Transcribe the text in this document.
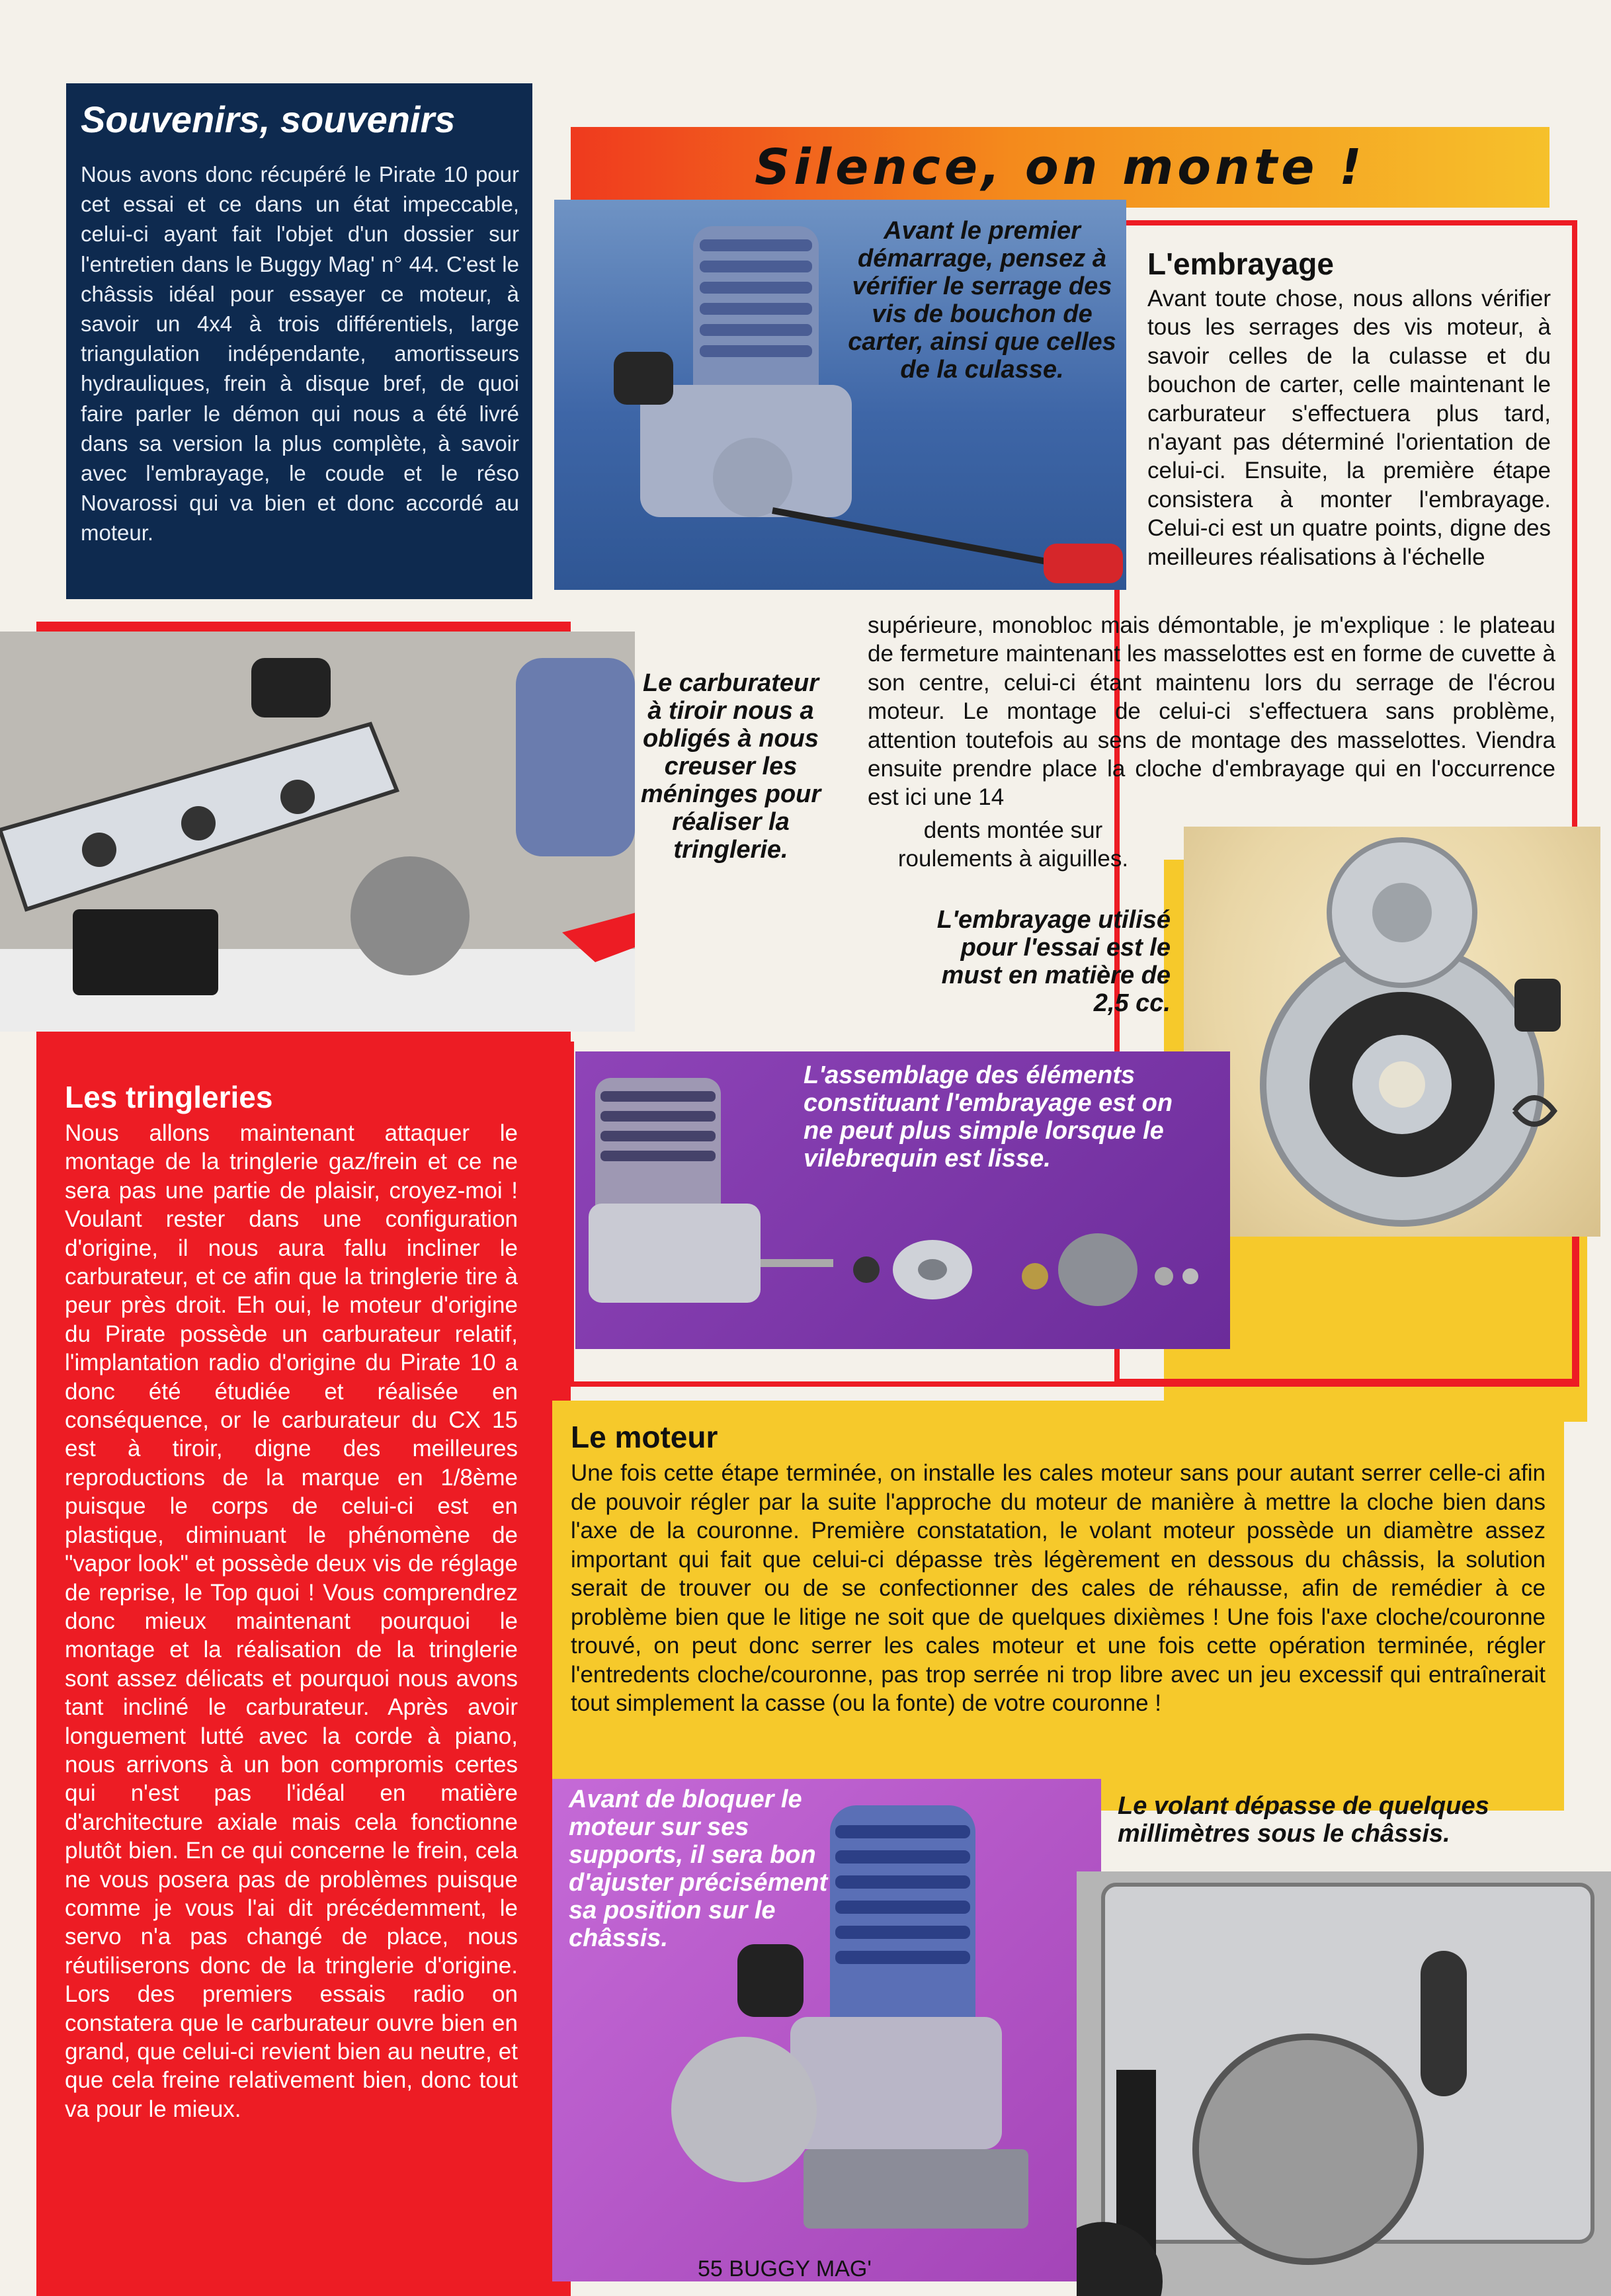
Souvenirs, souvenirs

Nous avons donc récupéré le Pirate 10 pour cet essai et ce dans un état impeccable, celui-ci ayant fait l'objet d'un dossier sur l'entretien dans le Buggy Mag' n° 44. C'est le châssis idéal pour essayer ce moteur, à savoir un 4x4 à trois différentiels, large triangulation indépendante, amortisseurs hydrauliques, frein à disque bref, de quoi faire parler le démon qui nous a été livré dans sa version la plus complète, à savoir avec l'embrayage, le coude et le réso Novarossi qui va bien et donc accordé au moteur.

Silence, on monte !
Avant le premier démarrage, pensez à vérifier le serrage des vis de bouchon de carter, ainsi que celles de la culasse.
L'embrayage
Avant toute chose, nous allons vérifier tous les serrages des vis moteur, à savoir celles de la culasse et du bouchon de carter, celle maintenant le carburateur s'effectuera plus tard, n'ayant pas déterminé l'orientation de celui-ci. Ensuite, la première étape consistera à monter l'embrayage. Celui-ci est un quatre points, digne des meilleures réalisations à l'échelle
supérieure, monobloc mais démontable, je m'explique : le plateau de fermeture maintenant les masselottes est en forme de cuvette à son centre, celui-ci étant maintenu lors du serrage de l'écrou moteur. Le montage de celui-ci s'effectuera sans problème, attention toutefois au sens de montage des masselottes. Viendra ensuite prendre place la cloche d'embrayage qui en l'occurrence est ici une 14
dents montée sur roulements à aiguilles.
Le carburateur à tiroir nous a obligés à nous creuser les méninges pour réaliser la tringlerie.
L'embrayage utilisé pour l'essai est le must en matière de 2,5 cc.
L'assemblage des éléments constituant l'embrayage est on ne peut plus simple lorsque le vilebrequin est lisse.
Les tringleries
Nous allons maintenant attaquer le montage de la tringlerie gaz/frein et ce ne sera pas une partie de plaisir, croyez-moi ! Voulant rester dans une configuration d'origine, il nous aura fallu incliner le carburateur, et ce afin que la tringlerie tire à peur près droit. Eh oui, le moteur d'origine du Pirate possède un carburateur relatif, l'implantation radio d'origine du Pirate 10 a donc été étudiée et réalisée en conséquence, or le carburateur du CX 15 est à tiroir, digne des meilleures reproductions de la marque en 1/8ème puisque le corps de celui-ci est en plastique, diminuant le phénomène de "vapor look" et possède deux vis de réglage de reprise, le Top quoi ! Vous comprendrez donc mieux maintenant pourquoi le montage et la réalisation de la tringlerie sont assez délicats et pourquoi nous avons tant incliné le carburateur. Après avoir longuement lutté avec la corde à piano, nous arrivons à un bon compromis certes qui n'est pas l'idéal en matière d'architecture axiale mais cela fonctionne plutôt bien. En ce qui concerne le frein, cela ne vous posera pas de problèmes puisque comme je vous l'ai dit précédemment, le servo n'a pas changé de place, nous réutiliserons donc de la tringlerie d'origine. Lors des premiers essais radio on constatera que le carburateur ouvre bien en grand, que celui-ci revient bien au neutre, et que cela freine relativement bien, donc tout va pour le mieux.
Le moteur
Une fois cette étape terminée, on installe les cales moteur sans pour autant serrer celle-ci afin de pouvoir régler par la suite l'approche du moteur de manière à mettre la cloche bien dans l'axe de la couronne. Première constatation, le volant moteur possède un diamètre assez important qui fait que celui-ci dépasse très légèrement en dessous du châssis, la solution serait de trouver ou de se confectionner des cales de réhausse, afin de remédier à ce problème bien que le litige ne soit que de quelques dixièmes ! Une fois l'axe cloche/couronne trouvé, on peut donc serrer les cales moteur et une fois cette opération terminée, régler l'entredents cloche/couronne, pas trop serrée ni trop libre avec un jeu excessif qui entraînerait tout simplement la casse (ou la fonte) de votre couronne !
Avant de bloquer le moteur sur ses supports, il sera bon d'ajuster précisément sa position sur le châssis.
Le volant dépasse de quelques millimètres sous le châssis.
55 BUGGY MAG'
